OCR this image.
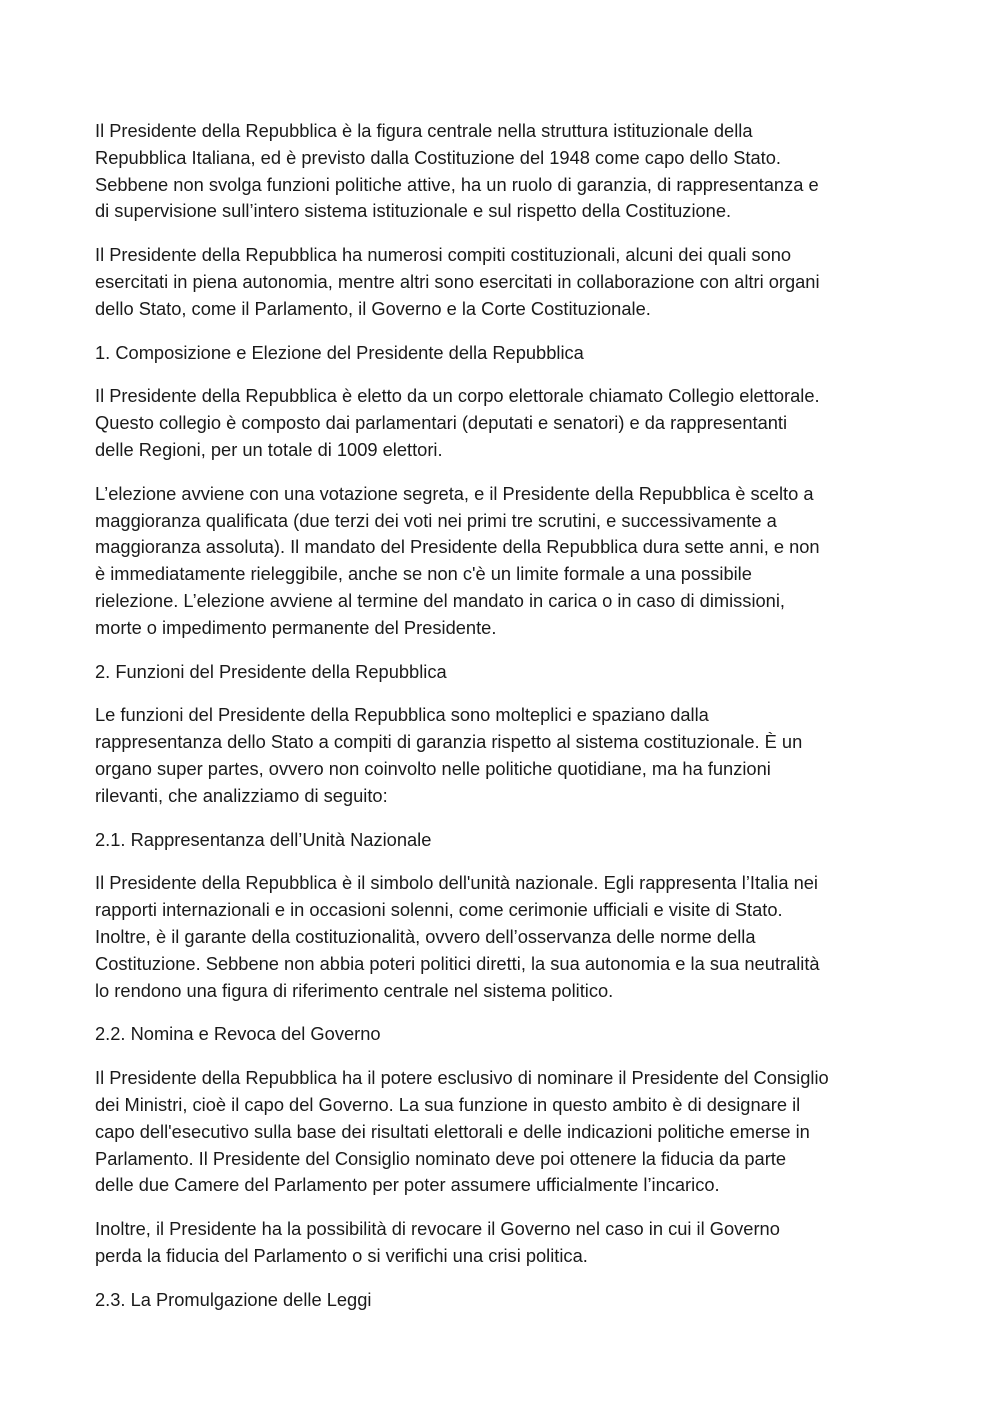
Il Presidente della Repubblica è la figura centrale nella struttura istituzionale della
Repubblica Italiana, ed è previsto dalla Costituzione del 1948 come capo dello Stato.
Sebbene non svolga funzioni politiche attive, ha un ruolo di garanzia, di rappresentanza e
di supervisione sull’intero sistema istituzionale e sul rispetto della Costituzione.

Il Presidente della Repubblica ha numerosi compiti costituzionali, alcuni dei quali sono
esercitati in piena autonomia, mentre altri sono esercitati in collaborazione con altri organi
dello Stato, come il Parlamento, il Governo e la Corte Costituzionale.

1. Composizione e Elezione del Presidente della Repubblica

Il Presidente della Repubblica è eletto da un corpo elettorale chiamato Collegio elettorale.
Questo collegio è composto dai parlamentari (deputati e senatori) e da rappresentanti
delle Regioni, per un totale di 1009 elettori.

L’elezione avviene con una votazione segreta, e il Presidente della Repubblica è scelto a
maggioranza qualificata (due terzi dei voti nei primi tre scrutini, e successivamente a
maggioranza assoluta). Il mandato del Presidente della Repubblica dura sette anni, e non
è immediatamente rieleggibile, anche se non c'è un limite formale a una possibile
rielezione. L’elezione avviene al termine del mandato in carica o in caso di dimissioni,
morte o impedimento permanente del Presidente.

2. Funzioni del Presidente della Repubblica

Le funzioni del Presidente della Repubblica sono molteplici e spaziano dalla
rappresentanza dello Stato a compiti di garanzia rispetto al sistema costituzionale. È un
organo super partes, ovvero non coinvolto nelle politiche quotidiane, ma ha funzioni
rilevanti, che analizziamo di seguito:

2.1. Rappresentanza dell’Unità Nazionale

Il Presidente della Repubblica è il simbolo dell'unità nazionale. Egli rappresenta l’Italia nei
rapporti internazionali e in occasioni solenni, come cerimonie ufficiali e visite di Stato.
Inoltre, è il garante della costituzionalità, ovvero dell’osservanza delle norme della
Costituzione. Sebbene non abbia poteri politici diretti, la sua autonomia e la sua neutralità
lo rendono una figura di riferimento centrale nel sistema politico.

2.2. Nomina e Revoca del Governo

Il Presidente della Repubblica ha il potere esclusivo di nominare il Presidente del Consiglio
dei Ministri, cioè il capo del Governo. La sua funzione in questo ambito è di designare il
capo dell'esecutivo sulla base dei risultati elettorali e delle indicazioni politiche emerse in
Parlamento. Il Presidente del Consiglio nominato deve poi ottenere la fiducia da parte
delle due Camere del Parlamento per poter assumere ufficialmente l’incarico.

Inoltre, il Presidente ha la possibilità di revocare il Governo nel caso in cui il Governo
perda la fiducia del Parlamento o si verifichi una crisi politica.

2.3. La Promulgazione delle Leggi
